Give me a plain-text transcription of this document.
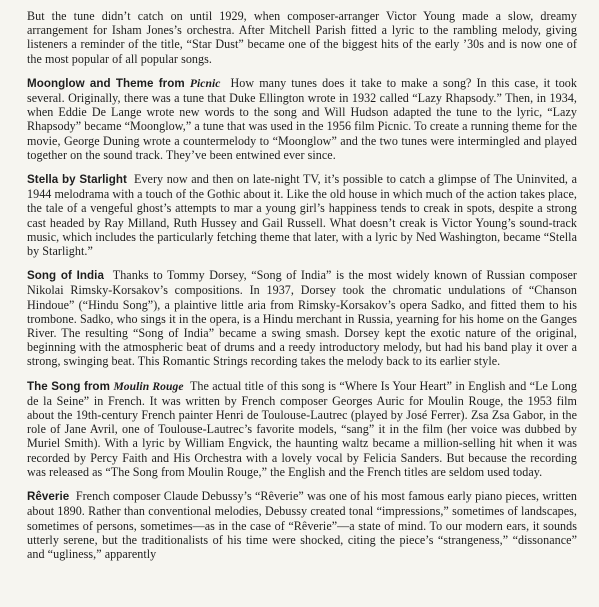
But the tune didn’t catch on until 1929, when composer-arranger Victor Young made a slow, dreamy arrangement for Isham Jones’s orchestra. After Mitchell Parish fitted a lyric to the rambling melody, giving listeners a reminder of the title, “Star Dust” became one of the biggest hits of the early ’30s and is now one of the most popular of all popular songs.

Moonglow and Theme from Picnic How many tunes does it take to make a song? In this case, it took several. Originally, there was a tune that Duke Ellington wrote in 1932 called “Lazy Rhapsody.” Then, in 1934, when Eddie De Lange wrote new words to the song and Will Hudson adapted the tune to the lyric, “Lazy Rhapsody” became “Moonglow,” a tune that was used in the 1956 film Picnic. To create a running theme for the movie, George Duning wrote a countermelody to “Moonglow” and the two tunes were intermingled and played together on the sound track. They’ve been entwined ever since.

Stella by Starlight Every now and then on late-night TV, it’s possible to catch a glimpse of The Uninvited, a 1944 melodrama with a touch of the Gothic about it. Like the old house in which much of the action takes place, the tale of a vengeful ghost’s attempts to mar a young girl’s happiness tends to creak in spots, despite a strong cast headed by Ray Milland, Ruth Hussey and Gail Russell. What doesn’t creak is Victor Young’s sound-track music, which includes the particularly fetching theme that later, with a lyric by Ned Washington, became “Stella by Starlight.”

Song of India Thanks to Tommy Dorsey, “Song of India” is the most widely known of Russian composer Nikolai Rimsky-Korsakov’s compositions. In 1937, Dorsey took the chromatic undulations of “Chanson Hindoue” (“Hindu Song”), a plaintive little aria from Rimsky-Korsakov’s opera Sadko, and fitted them to his trombone. Sadko, who sings it in the opera, is a Hindu merchant in Russia, yearning for his home on the Ganges River. The resulting “Song of India” became a swing smash. Dorsey kept the exotic nature of the original, beginning with the atmospheric beat of drums and a reedy introductory melody, but had his band play it over a strong, swinging beat. This Romantic Strings recording takes the melody back to its earlier style.

The Song from Moulin Rouge The actual title of this song is “Where Is Your Heart” in English and “Le Long de la Seine” in French. It was written by French composer Georges Auric for Moulin Rouge, the 1953 film about the 19th-century French painter Henri de Toulouse-Lautrec (played by José Ferrer). Zsa Zsa Gabor, in the role of Jane Avril, one of Toulouse-Lautrec’s favorite models, “sang” it in the film (her voice was dubbed by Muriel Smith). With a lyric by William Engvick, the haunting waltz became a million-selling hit when it was recorded by Percy Faith and His Orchestra with a lovely vocal by Felicia Sanders. But because the recording was released as “The Song from Moulin Rouge,” the English and the French titles are seldom used today.

Rêverie French composer Claude Debussy’s “Rêverie” was one of his most famous early piano pieces, written about 1890. Rather than conventional melodies, Debussy created tonal “impressions,” sometimes of landscapes, sometimes of persons, sometimes—as in the case of “Rêverie”—a state of mind. To our modern ears, it sounds utterly serene, but the traditionalists of his time were shocked, citing the piece’s “strangeness,” “dissonance” and “ugliness,” apparently
